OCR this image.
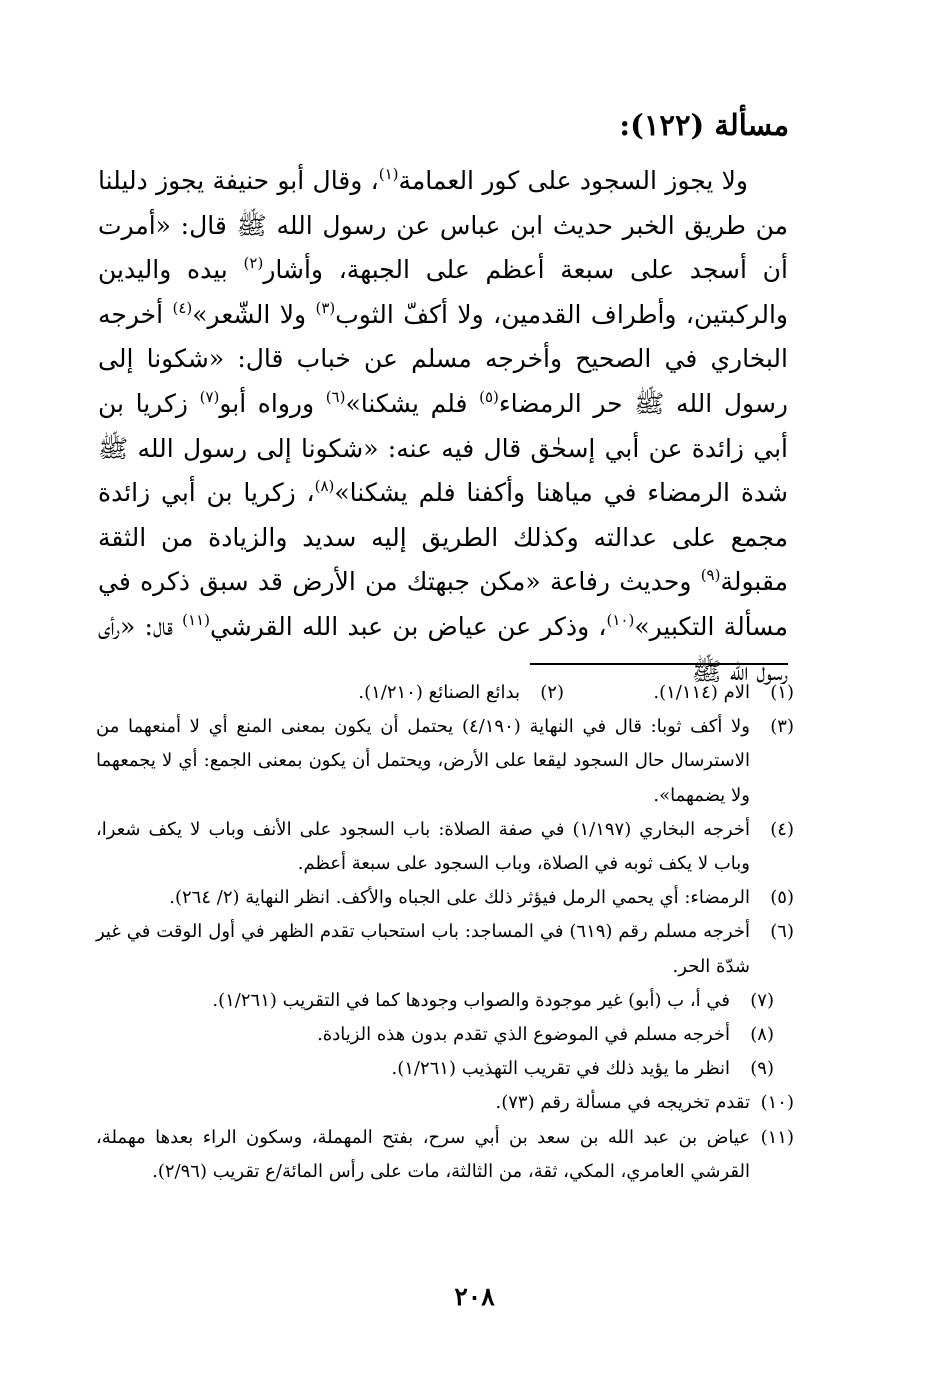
مسألة (١٢٢):

ولا يجوز السجود على كور العمامة$^{(١)}$، وقال أبو حنيفة يجوز دليلنا من طريق الخبر حديث ابن عباس عن رسول الله ﷺ قال: «أمرت أن أسجد على سبعة أعظم على الجبهة، وأشار$^{(٢)}$ بيده واليدين والركبتين، وأطراف القدمين، ولا أكفّ الثوب$^{(٣)}$ ولا الشّعر»$^{(٤)}$ أخرجه البخاري في الصحيح وأخرجه مسلم عن خباب قال: «شكونا إلى رسول الله ﷺ حر الرمضاء$^{(٥)}$ فلم يشكنا»$^{(٦)}$ ورواه أبو$^{(٧)}$ زكريا بن أبي زائدة عن أبي إسحٰق قال فيه عنه: «شكونا إلى رسول الله ﷺ شدة الرمضاء في مياهنا وأكفنا فلم يشكنا»$^{(٨)}$، زكريا بن أبي زائدة مجمع على عدالته وكذلك الطريق إليه سديد والزيادة من الثقة مقبولة$^{(٩)}$ وحديث رفاعة «مكن جبهتك من الأرض قد سبق ذكره في مسألة التكبير»$^{(١٠)}$، وذكر عن عياض بن عبد الله القرشي$^{(١١)}$ قال: «رأى رسول الله ﷺ

(١)
الام (١/١١٤).
(٢)
بدائع الصنائع (١/٢١٠).
(٣)
ولا أكف ثوبا: قال في النهاية (٤/١٩٠) يحتمل أن يكون بمعنى المنع أي لا أمنعهما من الاسترسال حال السجود ليقعا على الأرض، ويحتمل أن يكون بمعنى الجمع: أي لا يجمعهما ولا يضمهما».
(٤)
أخرجه البخاري (١/١٩٧) في صفة الصلاة: باب السجود على الأنف وباب لا يكف شعرا، وباب لا يكف ثوبه في الصلاة، وباب السجود على سبعة أعظم.
(٥)
الرمضاء: أي يحمي الرمل فيؤثر ذلك على الجباه والأكف. انظر النهاية (٢/ ٢٦٤).
(٦)
أخرجه مسلم رقم (٦١٩) في المساجد: باب استحباب تقدم الظهر في أول الوقت في غير شدّة الحر.
(٧)
في أ، ب (أبو) غير موجودة والصواب وجودها كما في التقريب (١/٢٦١).
(٨)
أخرجه مسلم في الموضوع الذي تقدم بدون هذه الزيادة.
(٩)
انظر ما يؤيد ذلك في تقريب التهذيب (١/٢٦١).
(١٠)
تقدم تخريجه في مسألة رقم (٧٣).
(١١)
عياض بن عبد الله بن سعد بن أبي سرح، بفتح المهملة، وسكون الراء بعدها مهملة، القرشي العامري، المكي، ثقة، من الثالثة، مات على رأس المائة/ع تقريب (٢/٩٦).
٢٠٨
